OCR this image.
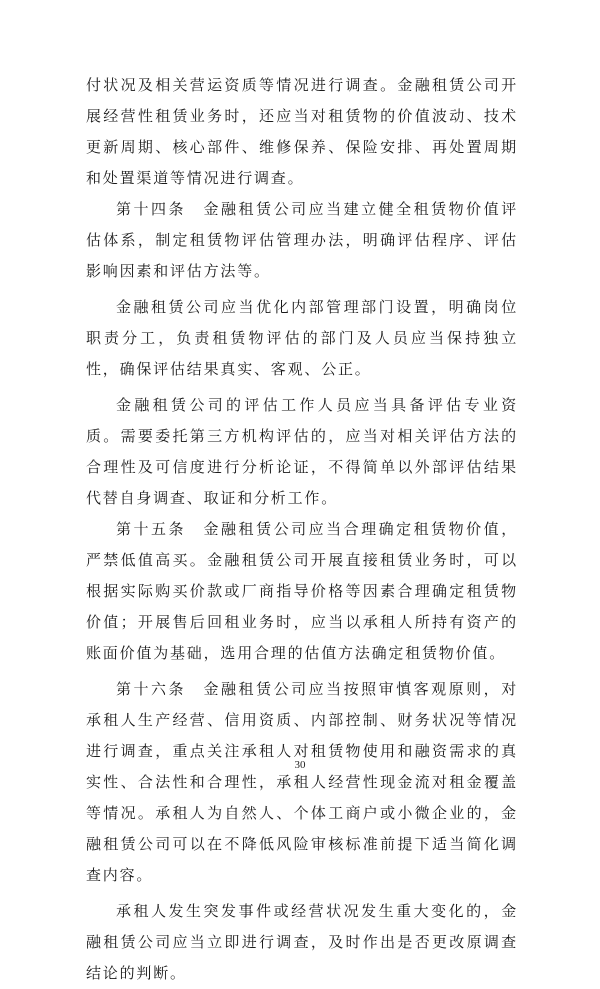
付状况及相关营运资质等情况进行调查。金融租赁公司开展经营性租赁业务时，还应当对租赁物的价值波动、技术更新周期、核心部件、维修保养、保险安排、再处置周期和处置渠道等情况进行调查。

第十四条　金融租赁公司应当建立健全租赁物价值评估体系，制定租赁物评估管理办法，明确评估程序、评估影响因素和评估方法等。

金融租赁公司应当优化内部管理部门设置，明确岗位职责分工，负责租赁物评估的部门及人员应当保持独立性，确保评估结果真实、客观、公正。

金融租赁公司的评估工作人员应当具备评估专业资质。需要委托第三方机构评估的，应当对相关评估方法的合理性及可信度进行分析论证，不得简单以外部评估结果代替自身调查、取证和分析工作。

第十五条　金融租赁公司应当合理确定租赁物价值，严禁低值高买。金融租赁公司开展直接租赁业务时，可以根据实际购买价款或厂商指导价格等因素合理确定租赁物价值；开展售后回租业务时，应当以承租人所持有资产的账面价值为基础，选用合理的估值方法确定租赁物价值。

第十六条　金融租赁公司应当按照审慎客观原则，对承租人生产经营、信用资质、内部控制、财务状况等情况进行调查，重点关注承租人对租赁物使用和融资需求的真实性、合法性和合理性，承租人经营性现金流对租金覆盖等情况。承租人为自然人、个体工商户或小微企业的，金融租赁公司可以在不降低风险审核标准前提下适当简化调查内容。

承租人发生突发事件或经营状况发生重大变化的，金融租赁公司应当立即进行调查，及时作出是否更改原调查结论的判断。

30
